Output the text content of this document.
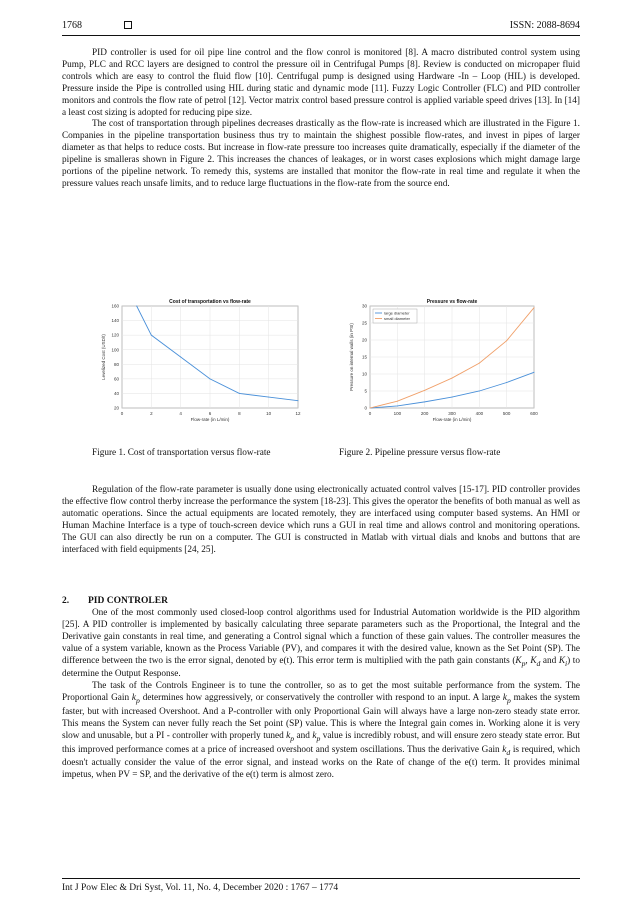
1768	ISSN: 2088-8694

PID controller is used for oil pipe line control and the flow conrol is monitored [8]. A macro distributed control system using Pump, PLC and RCC layers are designed to control the pressure oil in Centrifugal Pumps [8]. Review is conducted on micropaper fluid controls which are easy to control the fluid flow [10]. Centrifugal pump is designed using Hardware -In – Loop (HIL) is developed. Pressure inside the Pipe is controlled using HIL during static and dynamic mode [11]. Fuzzy Logic Controller (FLC) and PID controller monitors and controls the flow rate of petrol [12]. Vector matrix control based pressure control is applied variable speed drives [13]. In [14] a least cost sizing is adopted for reducing pipe size.

The cost of transportation through pipelines decreases drastically as the flow-rate is increased which are illustrated in the Figure 1. Companies in the pipeline transportation business thus try to maintain the shighest possible flow-rates, and invest in pipes of larger diameter as that helps to reduce costs. But increase in flow-rate pressure too increases quite dramatically, especially if the diameter of the pipeline is smalleras shown in Figure 2. This increases the chances of leakages, or in worst cases explosions which might damage large portions of the pipeline network. To remedy this, systems are installed that monitor the flow-rate in real time and regulate it when the pressure values reach unsafe limits, and to reduce large fluctuations in the flow-rate from the source end.

0	2	4	6	8	10	12
20
40
60
80
100
120
140
160
Cost of transportation vs flow-rate
Flow-rate (in L/min)
Levelized Cost (USD/t)
0	100	200	300	400	500	600
0
5
10
15
20
25
30
Pressure vs flow-rate
Flow-rate (in L/min)
Pressure on internal walls (in PSI)
large diameter
small diameter
Figure 1. Cost of transportation versus flow-rate	Figure 2. Pipeline pressure versus flow-rate

Regulation of the flow-rate parameter is usually done using electronically actuated control valves [15-17]. PID controller provides the effective flow control therby increase the performance the system [18-23]. This gives the operator the benefits of both manual as well as automatic operations. Since the actual equipments are located remotely, they are interfaced using computer based systems. An HMI or Human Machine Interface is a type of touch-screen device which runs a GUI in real time and allows control and monitoring operations. The GUI can also directly be run on a computer. The GUI is constructed in Matlab with virtual dials and knobs and buttons that are interfaced with field equipments [24, 25].

2. PID CONTROLER

One of the most commonly used closed-loop control algorithms used for Industrial Automation worldwide is the PID algorithm [25]. A PID controller is implemented by basically calculating three separate parameters such as the Proportional, the Integral and the Derivative gain constants in real time, and generating a Control signal which a function of these gain values. The controller measures the value of a system variable, known as the Process Variable (PV), and compares it with the desired value, known as the Set Point (SP). The difference between the two is the error signal, denoted by e(t). This error term is multiplied with the path gain constants ($K_p$, $K_d$ and $K_i$) to determine the Output Response.

The task of the Controls Engineer is to tune the controller, so as to get the most suitable performance from the system. The Proportional Gain $k_p$ determines how aggressively, or conservatively the controller with respond to an input. A large $k_p$ makes the system faster, but with increased Overshoot. And a P-controller with only Proportional Gain will always have a large non-zero steady state error. This means the System can never fully reach the Set point (SP) value. This is where the Integral gain comes in. Working alone it is very slow and unusable, but a PI - controller with properly tuned $k_p$ and $k_p$ value is incredibly robust, and will ensure zero steady state error. But this improved performance comes at a price of increased overshoot and system oscillations. Thus the derivative Gain $k_d$ is required, which doesn't actually consider the value of the error signal, and instead works on the Rate of change of the e(t) term. It provides minimal impetus, when PV = SP, and the derivative of the e(t) term is almost zero.

Int J Pow Elec & Dri Syst, Vol. 11, No. 4, December 2020 : 1767 – 1774
